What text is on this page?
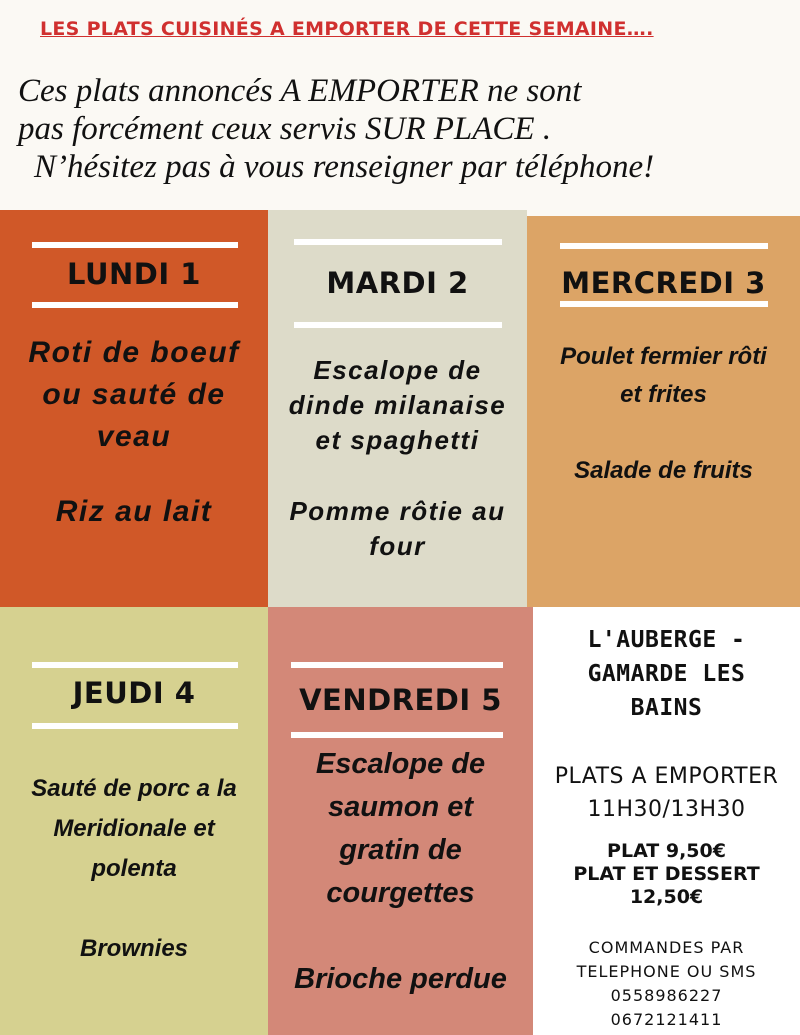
LES PLATS CUISINÉS A EMPORTER DE CETTE SEMAINE….
Ces plats annoncés A EMPORTER ne sont
pas forcément ceux servis SUR PLACE .
N’hésitez pas à vous renseigner par téléphone!
LUNDI 1
Roti de boeuf
ou sauté de
veau
Riz au lait
MARDI 2
Escalope de
dinde milanaise
et spaghetti
Pomme rôtie au
four
MERCREDI 3
Poulet fermier rôti
et frites
Salade de fruits
JEUDI 4
Sauté de porc a la
Meridionale et
polenta
Brownies
VENDREDI 5
Escalope de
saumon et
gratin de
courgettes
Brioche perdue
L'AUBERGE -
GAMARDE LES
BAINS
PLATS A EMPORTER
11H30/13H30
PLAT 9,50€
PLAT ET DESSERT
12,50€
COMMANDES PAR
TELEPHONE OU SMS
0558986227
0672121411
